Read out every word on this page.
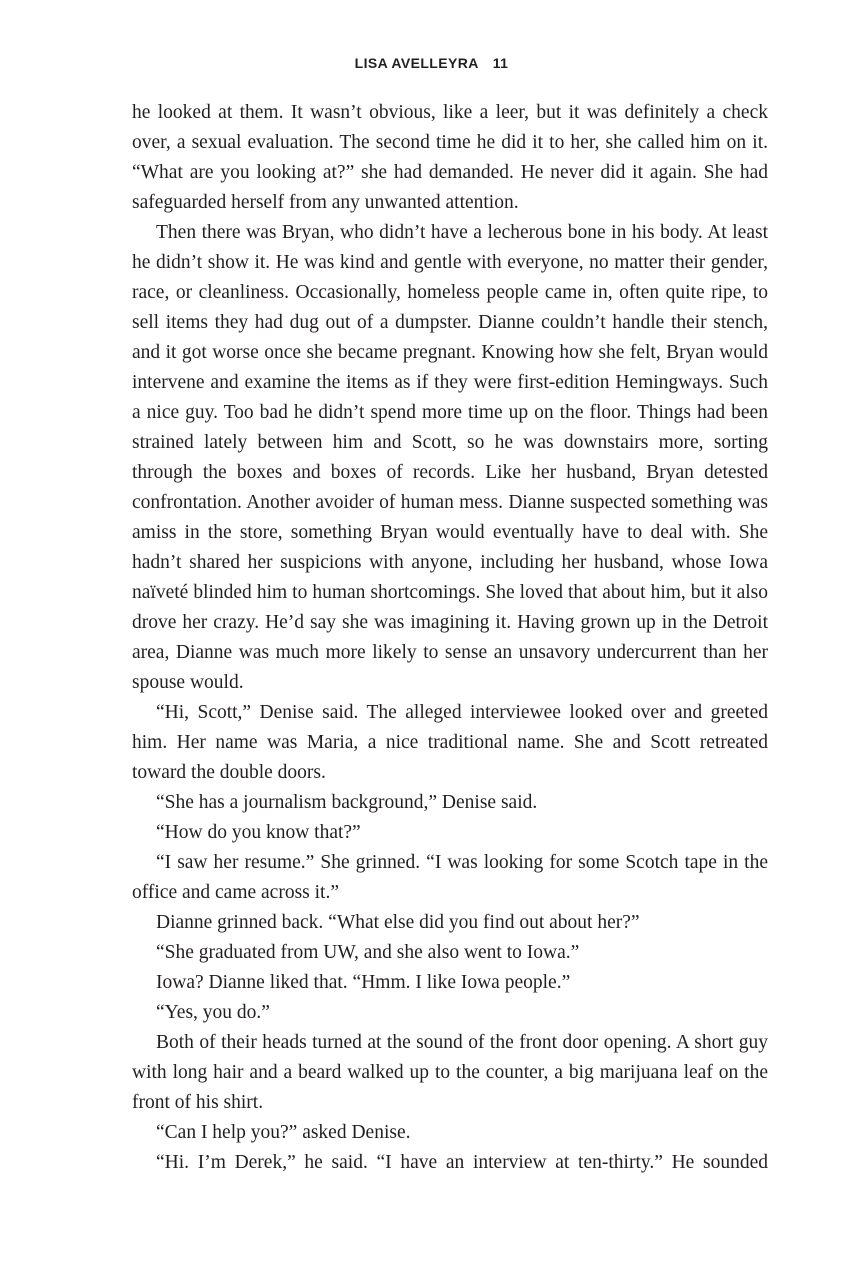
LISA AVELLEYRA 11

he looked at them. It wasn’t obvious, like a leer, but it was definitely a check over, a sexual evaluation. The second time he did it to her, she called him on it. “What are you looking at?” she had demanded. He never did it again. She had safeguarded herself from any unwanted attention.

Then there was Bryan, who didn’t have a lecherous bone in his body. At least he didn’t show it. He was kind and gentle with everyone, no matter their gender, race, or cleanliness. Occasionally, homeless people came in, often quite ripe, to sell items they had dug out of a dumpster. Dianne couldn’t handle their stench, and it got worse once she became pregnant. Knowing how she felt, Bryan would intervene and examine the items as if they were first-edition Hemingways. Such a nice guy. Too bad he didn’t spend more time up on the floor. Things had been strained lately between him and Scott, so he was downstairs more, sorting through the boxes and boxes of records. Like her husband, Bryan detested confrontation. Another avoider of human mess. Dianne suspected something was amiss in the store, something Bryan would eventually have to deal with. She hadn’t shared her suspicions with anyone, including her husband, whose Iowa naïveté blinded him to human shortcomings. She loved that about him, but it also drove her crazy. He’d say she was imagining it. Having grown up in the Detroit area, Dianne was much more likely to sense an unsavory undercurrent than her spouse would.

“Hi, Scott,” Denise said. The alleged interviewee looked over and greeted him. Her name was Maria, a nice traditional name. She and Scott retreated toward the double doors.

“She has a journalism background,” Denise said.

“How do you know that?”

“I saw her resume.” She grinned. “I was looking for some Scotch tape in the office and came across it.”

Dianne grinned back. “What else did you find out about her?”

“She graduated from UW, and she also went to Iowa.”

Iowa? Dianne liked that. “Hmm. I like Iowa people.”

“Yes, you do.”

Both of their heads turned at the sound of the front door opening. A short guy with long hair and a beard walked up to the counter, a big marijuana leaf on the front of his shirt.

“Can I help you?” asked Denise.

“Hi. I’m Derek,” he said. “I have an interview at ten-thirty.” He sounded
